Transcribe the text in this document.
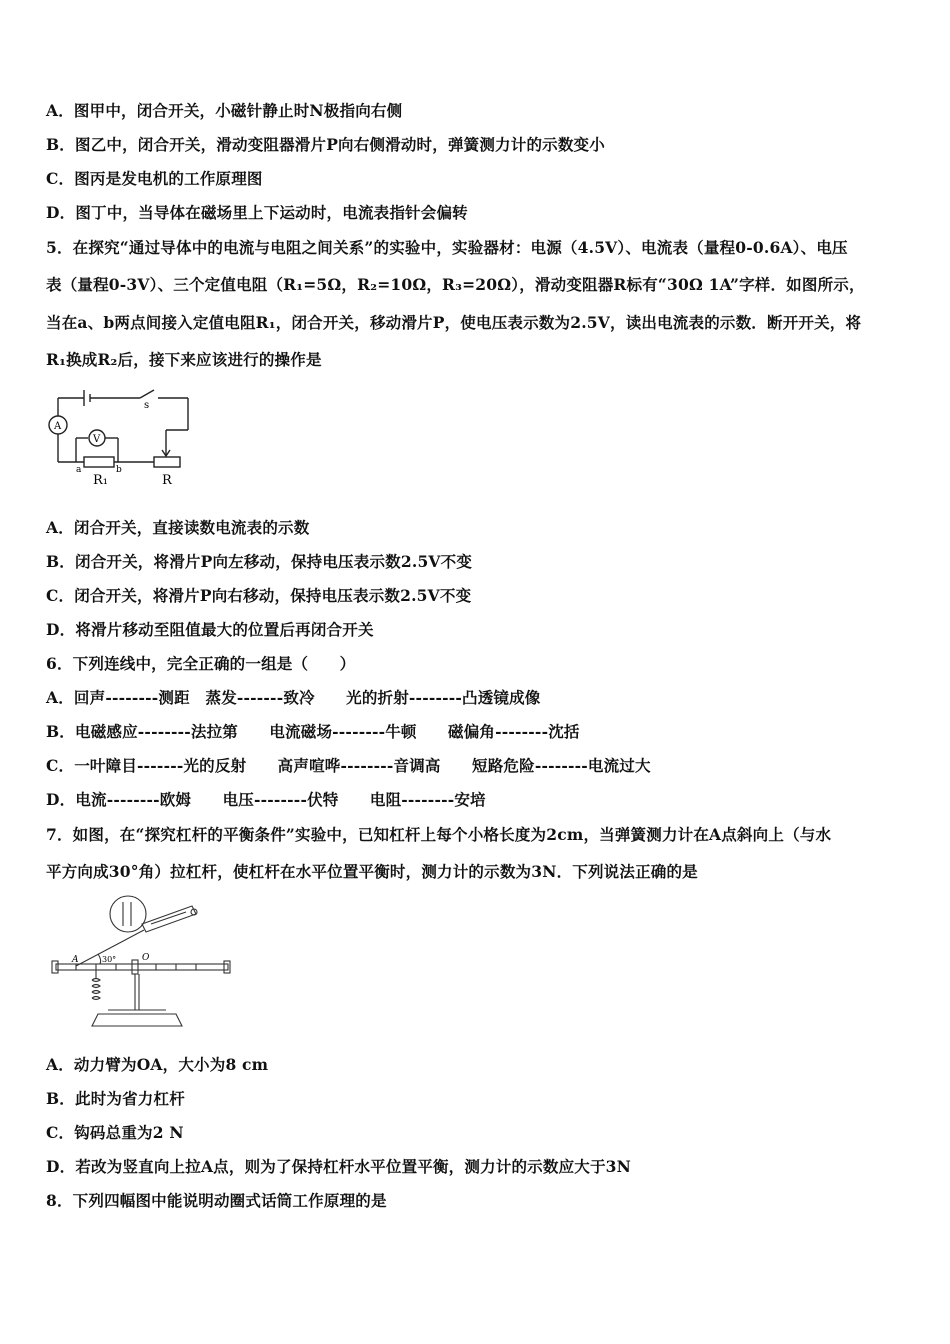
A．图甲中，闭合开关，小磁针静止时N极指向右侧
B．图乙中，闭合开关，滑动变阻器滑片P向右侧滑动时，弹簧测力计的示数变小
C．图丙是发电机的工作原理图
D．图丁中，当导体在磁场里上下运动时，电流表指针会偏转
5．在探究“通过导体中的电流与电阻之间关系”的实验中，实验器材：电源（4.5V）、电流表（量程0-0.6A）、电压
表（量程0-3V）、三个定值电阻（R₁=5Ω，R₂=10Ω，R₃=20Ω），滑动变阻器R标有“30Ω 1A”字样．如图所示，
当在a、b两点间接入定值电阻R₁，闭合开关，移动滑片P，使电压表示数为2.5V，读出电流表的示数．断开开关，将
R₁换成R₂后，接下来应该进行的操作是
A
V
s
a	b
R₁	R
A．闭合开关，直接读数电流表的示数
B．闭合开关，将滑片P向左移动，保持电压表示数2.5V不变
C．闭合开关，将滑片P向右移动，保持电压表示数2.5V不变
D．将滑片移动至阻值最大的位置后再闭合开关
6．下列连线中，完全正确的一组是（　　）
A．回声--------测距　蒸发-------致冷　　光的折射--------凸透镜成像
B．电磁感应--------法拉第　　电流磁场--------牛顿　　磁偏角--------沈括
C．一叶障目-------光的反射　　高声喧哗--------音调高　　短路危险--------电流过大
D．电流--------欧姆　　电压--------伏特　　电阻--------安培
7．如图，在“探究杠杆的平衡条件”实验中，已知杠杆上每个小格长度为2cm，当弹簧测力计在A点斜向上（与水
平方向成30°角）拉杠杆，使杠杆在水平位置平衡时，测力计的示数为3N．下列说法正确的是
A	O
30°
A．动力臂为OA，大小为8 cm
B．此时为省力杠杆
C．钩码总重为2 N
D．若改为竖直向上拉A点，则为了保持杠杆水平位置平衡，测力计的示数应大于3N
8．下列四幅图中能说明动圈式话筒工作原理的是
